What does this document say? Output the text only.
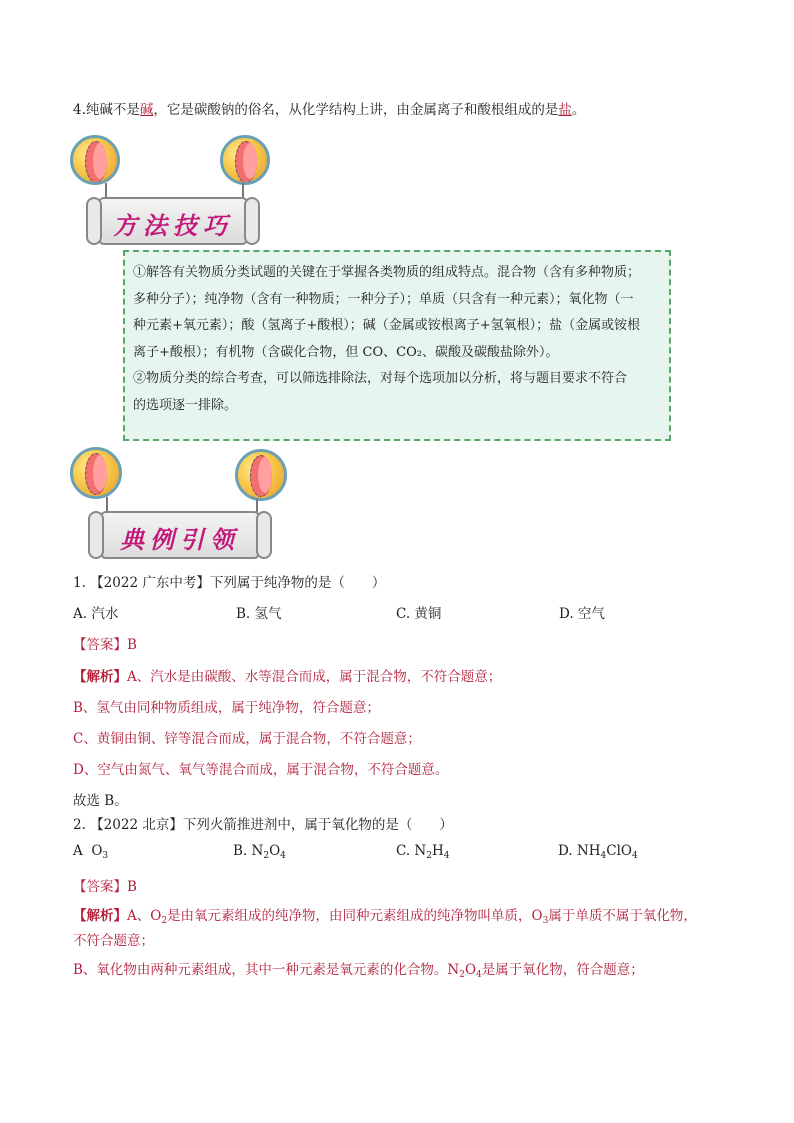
4.纯碱不是碱，它是碳酸钠的俗名，从化学结构上讲，由金属离子和酸根组成的是盐。
方法技巧

①解答有关物质分类试题的关键在于掌握各类物质的组成特点。混合物（含有多种物质；

多种分子）；纯净物（含有一种物质；一种分子）；单质（只含有一种元素）；氧化物（一

种元素+氧元素）；酸（氢离子+酸根）；碱（金属或铵根离子+氢氧根）；盐（金属或铵根

离子+酸根）；有机物（含碳化合物，但 CO、CO₂、碳酸及碳酸盐除外）。

②物质分类的综合考查，可以筛选排除法，对每个选项加以分析，将与题目要求不符合

的选项逐一排除。

典例引领
1. 【2022 广东中考】下列属于纯净物的是（　　）
A. 汽水	B. 氢气	C. 黄铜	D. 空气
【答案】B
【解析】A、汽水是由碳酸、水等混合而成，属于混合物，不符合题意；
B、氢气由同种物质组成，属于纯净物，符合题意；
C、黄铜由铜、锌等混合而成，属于混合物，不符合题意；
D、空气由氮气、氧气等混合而成，属于混合物，不符合题意。
故选 B。
2. 【2022 北京】下列火箭推进剂中，属于氧化物的是（　　）
A $O_3$	B. $N_2O_4$	C. $N_2H_4$	D. $NH_4ClO_4$
【答案】B
【解析】A、$O_2$是由氧元素组成的纯净物，由同种元素组成的纯净物叫单质，$O_3$属于单质不属于氧化物，
不符合题意；
B、氧化物由两种元素组成，其中一种元素是氧元素的化合物。$N_2O_4$是属于氧化物，符合题意；
